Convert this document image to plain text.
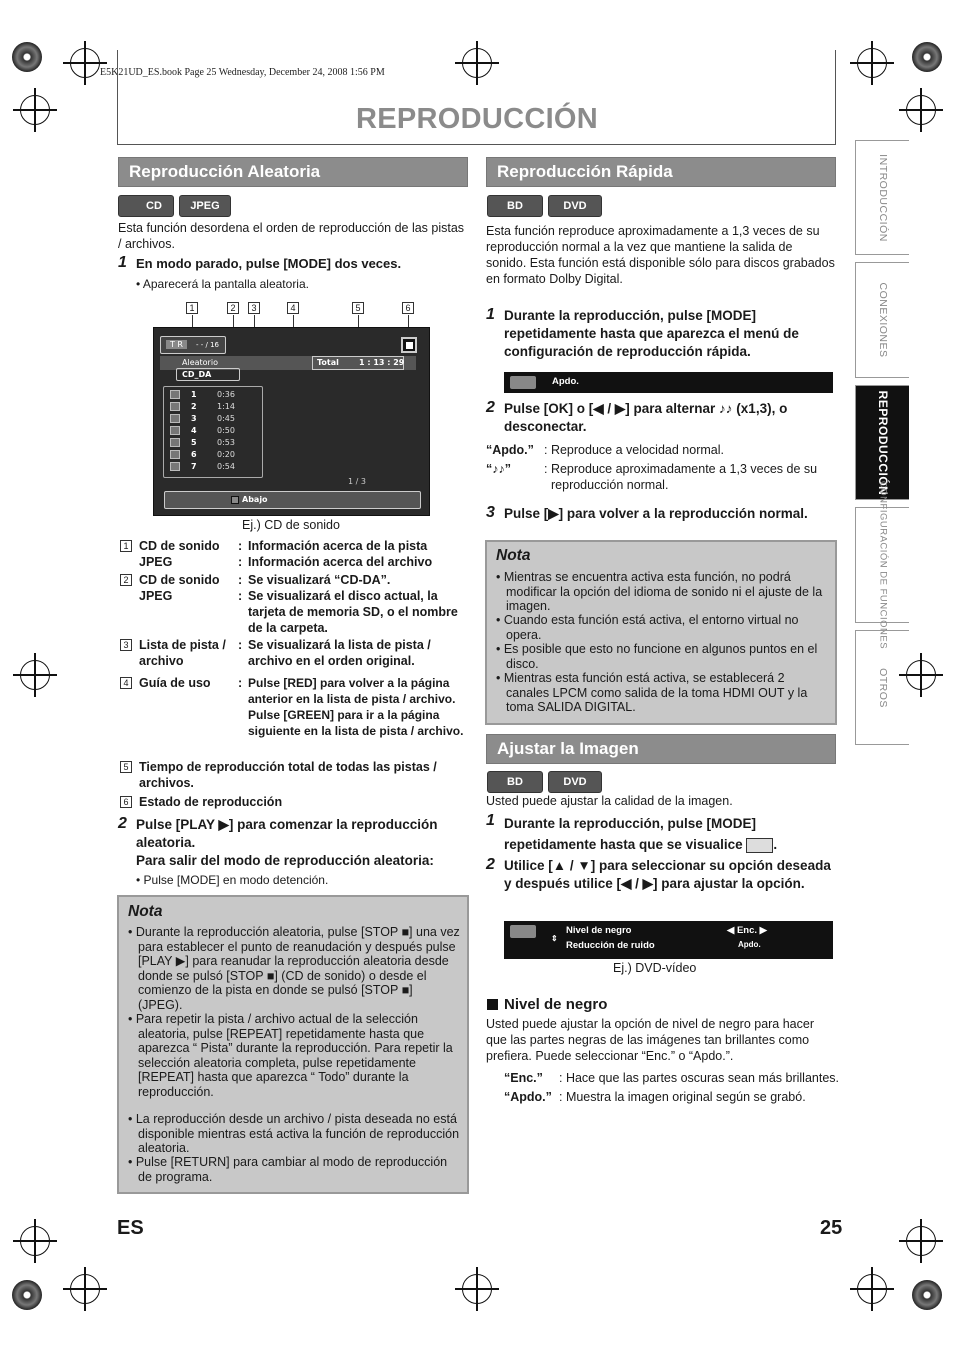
E5K21UD_ES.book Page 25 Wednesday, December 24, 2008 1:56 PM
REPRODUCCIÓN
INTRODUCCIÓN
CONEXIONES
REPRODUCCIÓN
CONFIGURACIÓN DE FUNCIONES
OTROS
Reproducción Aleatoria
CD	JPEG
Esta función desordena el orden de reproducción de las pistas / archivos.
1 En modo parado, pulse [MODE] dos veces.
• Aparecerá la pantalla aleatoria.
1	2	3	4	5	6
T R	- - / 16
Aleatorio	Total	1 : 13 : 29
CD_DA
1 / 3
Abajo
1	0:36
2	1:14
3	0:45
4	0:50
5	0:53
6	0:20
7	0:54
Ej.) CD de sonido
1 CD de sonido	: Información acerca de la pista
JPEG	: Información acerca del archivo
2 CD de sonido	: Se visualizará “CD-DA”.
JPEG	: Se visualizará el disco actual, la tarjeta de memoria SD, o el nombre de la carpeta.
3 Lista de pista / archivo
: Se visualizará la lista de pista / archivo en el orden original.
4 Guía de uso	: Pulse [RED] para volver a la página anterior en la lista de pista / archivo. Pulse [GREEN] para ir a la página siguiente en la lista de pista / archivo.
5 Tiempo de reproducción total de todas las pistas / archivos.
6 Estado de reproducción
2 Pulse [PLAY ▶] para comenzar la reproducción aleatoria.
Para salir del modo de reproducción aleatoria:
• Pulse [MODE] en modo detención.
Nota
• Durante la reproducción aleatoria, pulse [STOP ■] una vez para establecer el punto de reanudación y después pulse [PLAY ▶] para reanudar la reproducción aleatoria desde donde se pulsó [STOP ■] (CD de sonido) o desde el comienzo de la pista en donde se pulsó [STOP ■] (JPEG).
• Para repetir la pista / archivo actual de la selección aleatoria, pulse [REPEAT] repetidamente hasta que aparezca “ Pista” durante la reproducción. Para repetir la selección aleatoria completa, pulse repetidamente [REPEAT] hasta que aparezca “ Todo” durante la reproducción.
• La reproducción desde un archivo / pista deseada no está disponible mientras está activa la función de reproducción aleatoria.
• Pulse [RETURN] para cambiar al modo de reproducción de programa.
Reproducción Rápida
BD	DVD
Esta función reproduce aproximadamente a 1,3 veces de su reproducción normal a la vez que mantiene la salida de sonido. Esta función está disponible sólo para discos grabados en formato Dolby Digital.
1 Durante la reproducción, pulse [MODE] repetidamente hasta que aparezca el menú de configuración de reproducción rápida.
Apdo.
2 Pulse [OK] o [◀ / ▶] para alternar ♪♪ (x1,3), o desconectar.
“Apdo.” : Reproduce a velocidad normal.
“♪♪”	: Reproduce aproximadamente a 1,3 veces de su reproducción normal.
3 Pulse [▶] para volver a la reproducción normal.
Nota
• Mientras se encuentra activa esta función, no podrá modificar la opción del idioma de sonido ni el ajuste de la imagen.
• Cuando esta función está activa, el entorno virtual no opera.
• Es posible que esto no funcione en algunos puntos en el disco.
• Mientras esta función está activa, se establecerá 2 canales LPCM como salida de la toma HDMI OUT y la toma SALIDA DIGITAL.
Ajustar la Imagen
BD	DVD
Usted puede ajustar la calidad de la imagen.
1 Durante la reproducción, pulse [MODE] repetidamente hasta que se visualice .
2 Utilice [▲ / ▼] para seleccionar su opción deseada y después utilice [◀ / ▶] para ajustar la opción.
⇕
Nivel de negro
Reducción de ruido
◀ Enc. ▶
Apdo.
Ej.) DVD-vídeo
Nivel de negro
Usted puede ajustar la opción de nivel de negro para hacer que las partes negras de las imágenes tan brillantes como prefiera. Puede seleccionar “Enc.” o “Apdo.”.
“Enc.” : Hace que las partes oscuras sean más brillantes.
“Apdo.” : Muestra la imagen original según se grabó.
ES	25
